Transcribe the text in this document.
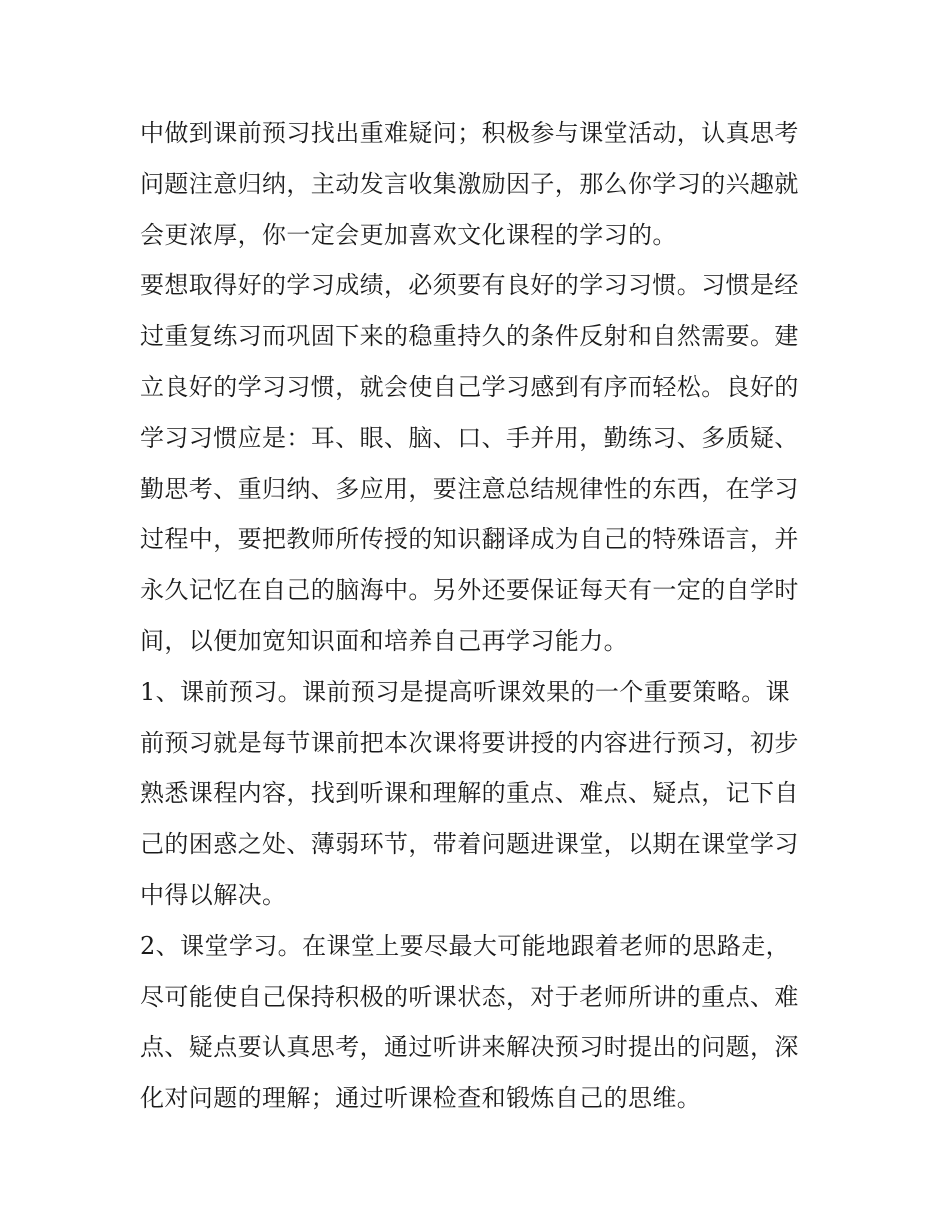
中做到课前预习找出重难疑问；积极参与课堂活动，认真思考
问题注意归纳，主动发言收集激励因子，那么你学习的兴趣就
会更浓厚，你一定会更加喜欢文化课程的学习的。
要想取得好的学习成绩，必须要有良好的学习习惯。习惯是经
过重复练习而巩固下来的稳重持久的条件反射和自然需要。建
立良好的学习习惯，就会使自己学习感到有序而轻松。良好的
学习习惯应是：耳、眼、脑、口、手并用，勤练习、多质疑、
勤思考、重归纳、多应用，要注意总结规律性的东西，在学习
过程中，要把教师所传授的知识翻译成为自己的特殊语言，并
永久记忆在自己的脑海中。另外还要保证每天有一定的自学时
间，以便加宽知识面和培养自己再学习能力。
1、课前预习。课前预习是提高听课效果的一个重要策略。课
前预习就是每节课前把本次课将要讲授的内容进行预习，初步
熟悉课程内容，找到听课和理解的重点、难点、疑点，记下自
己的困惑之处、薄弱环节，带着问题进课堂，以期在课堂学习
中得以解决。
2、课堂学习。在课堂上要尽最大可能地跟着老师的思路走，
尽可能使自己保持积极的听课状态，对于老师所讲的重点、难
点、疑点要认真思考，通过听讲来解决预习时提出的问题，深
化对问题的理解；通过听课检查和锻炼自己的思维。
